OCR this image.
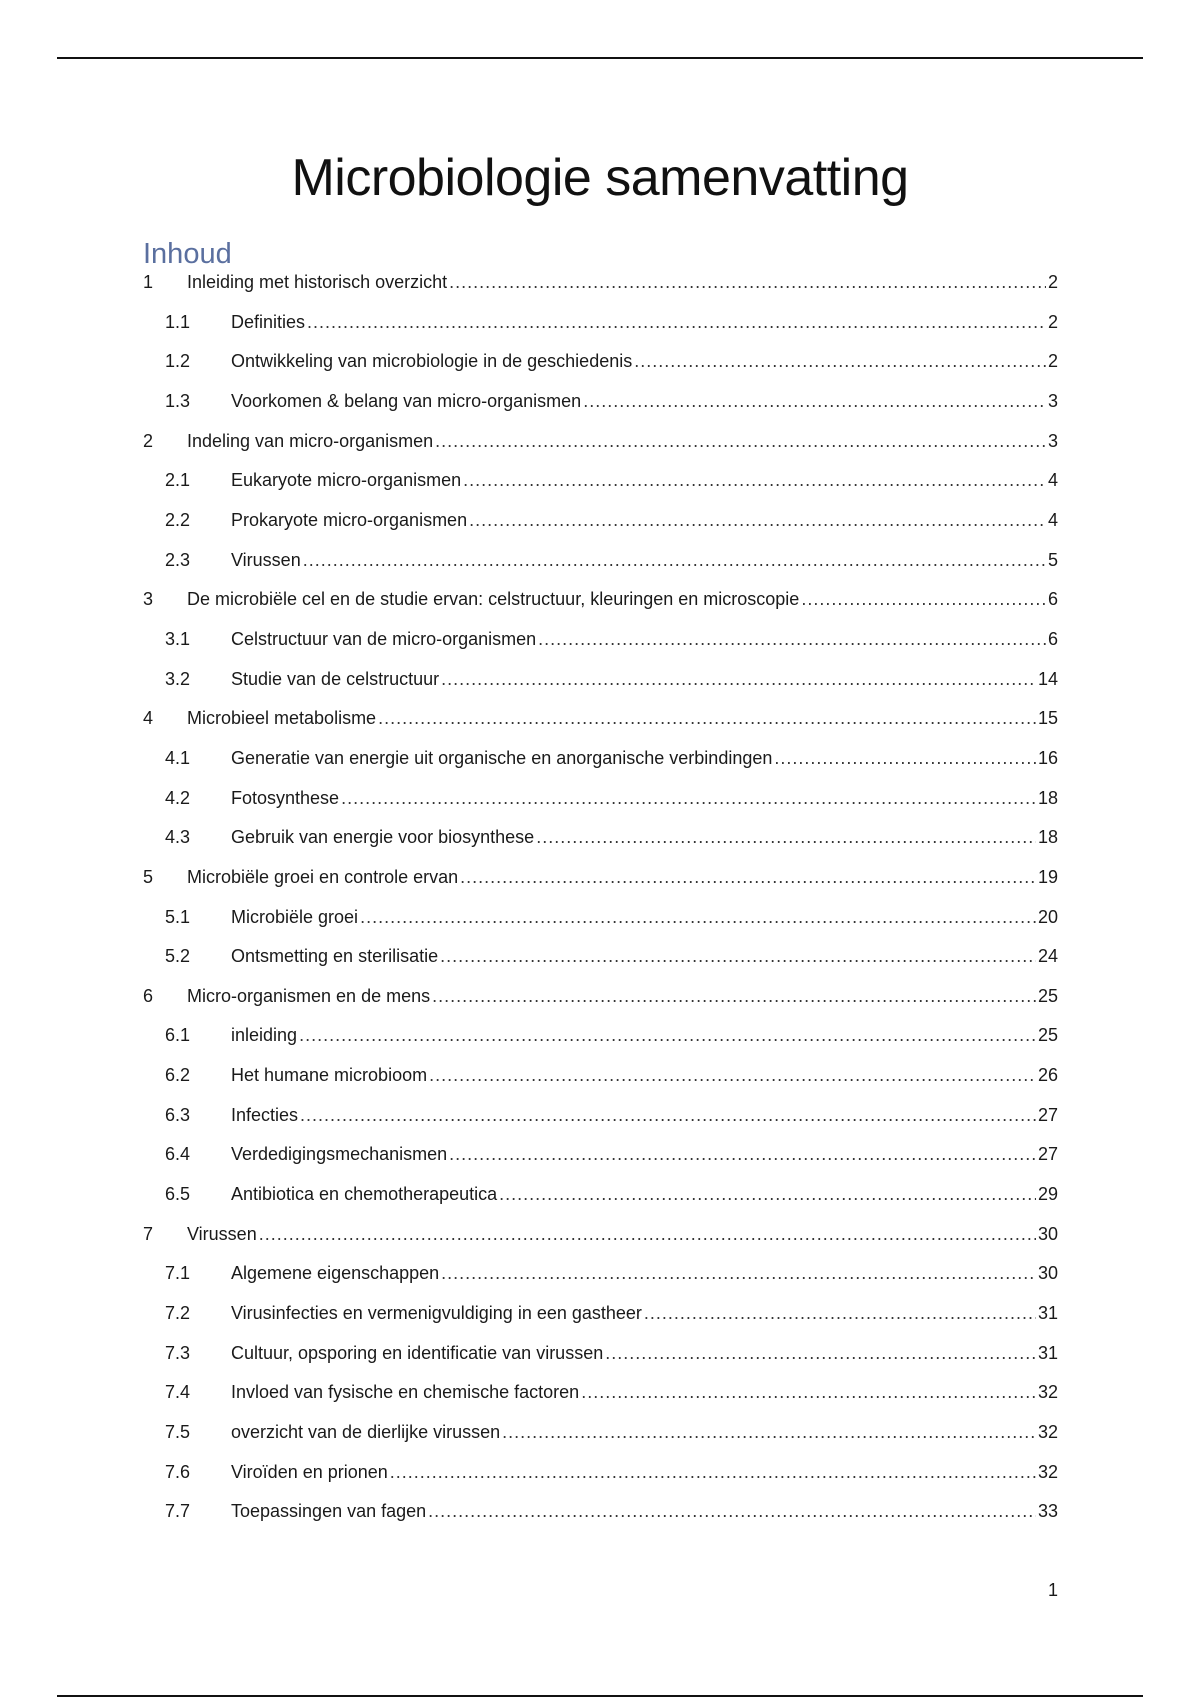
Microbiologie samenvatting
Inhoud
1	Inleiding met historisch overzicht .....	2
1.1	Definities .....	2
1.2	Ontwikkeling van microbiologie in de geschiedenis .....	2
1.3	Voorkomen & belang van micro-organismen .....	3
2	Indeling van micro-organismen .....	3
2.1	Eukaryote micro-organismen .....	4
2.2	Prokaryote micro-organismen .....	4
2.3	Virussen .....	5
3	De microbiële cel en de studie ervan: celstructuur, kleuringen en microscopie .....	6
3.1	Celstructuur van de micro-organismen .....	6
3.2	Studie van de celstructuur .....	14
4	Microbieel metabolisme .....	15
4.1	Generatie van energie uit organische en anorganische verbindingen .....	16
4.2	Fotosynthese .....	18
4.3	Gebruik van energie voor biosynthese .....	18
5	Microbiële groei en controle ervan .....	19
5.1	Microbiële groei .....	20
5.2	Ontsmetting en sterilisatie .....	24
6	Micro-organismen en de mens .....	25
6.1	inleiding .....	25
6.2	Het humane microbioom .....	26
6.3	Infecties .....	27
6.4	Verdedigingsmechanismen .....	27
6.5	Antibiotica en chemotherapeutica .....	29
7	Virussen .....	30
7.1	Algemene eigenschappen .....	30
7.2	Virusinfecties en vermenigvuldiging in een gastheer .....	31
7.3	Cultuur, opsporing en identificatie van virussen .....	31
7.4	Invloed van fysische en chemische factoren .....	32
7.5	overzicht van de dierlijke virussen .....	32
7.6	Viroïden en prionen .....	32
7.7	Toepassingen van fagen .....	33
1
